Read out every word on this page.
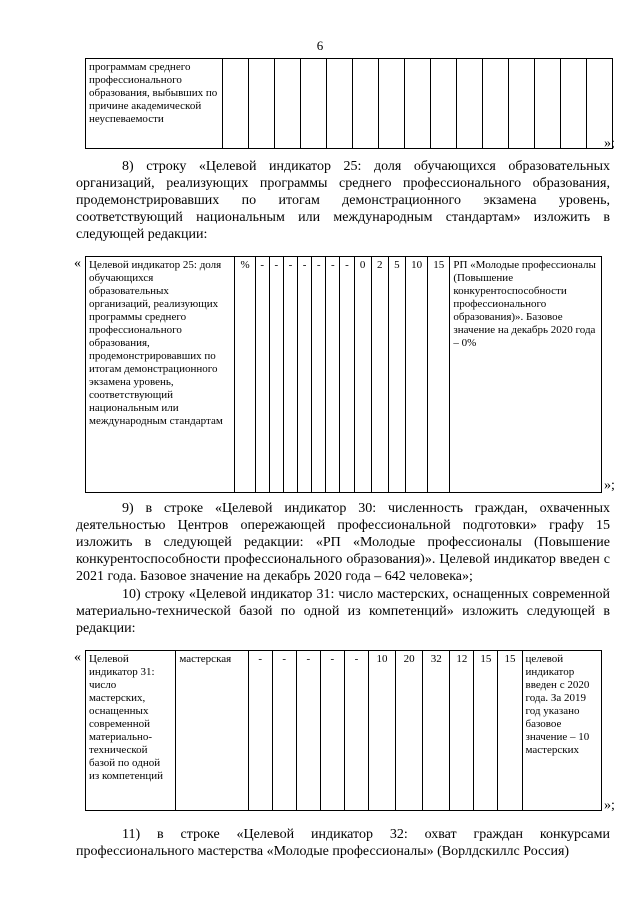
6
программам среднего профессионального образования, выбывших по причине академической неуспеваемости															
»;
8) строку «Целевой индикатор 25: доля обучающихся образовательных организаций, реализующих программы среднего профессионального образования, продемонстрировавших по итогам демонстрационного экзамена уровень, соответствующий национальным или международным стандартам» изложить в следующей редакции:
« Целевой индикатор 25: доля обучающихся образовательных организаций, реализующих программы среднего профессионального образования, продемонстрировавших по итогам демонстрационного экзамена уровень, соответствующий национальным или международным стандартам	%	-	-	-	-	-	-	-	0	2	5	10	15	РП «Молодые профессионалы (Повышение конкурентоспособности профессионального образования)». Базовое значение на декабрь 2020 года – 0%
»;
9) в строке «Целевой индикатор 30: численность граждан, охваченных деятельностью Центров опережающей профессиональной подготовки» графу 15 изложить в следующей редакции: «РП «Молодые профессионалы (Повышение конкурентоспособности профессионального образования)». Целевой индикатор введен с 2021 года. Базовое значение на декабрь 2020 года – 642 человека»;
10) строку «Целевой индикатор 31: число мастерских, оснащенных современной материально-технической базой по одной из компетенций» изложить следующей в редакции:
« Целевой индикатор 31: число мастерских, оснащенных современной материально-технической базой по одной из компетенций	мастерская	-	-	-	-	-	10	20	32	12	15	15	целевой индикатор введен с 2020 года. За 2019 год указано базовое значение – 10 мастерских
»;
11) в строке «Целевой индикатор 32: охват граждан конкурсами профессионального мастерства «Молодые профессионалы» (Ворлдскиллс Россия)
